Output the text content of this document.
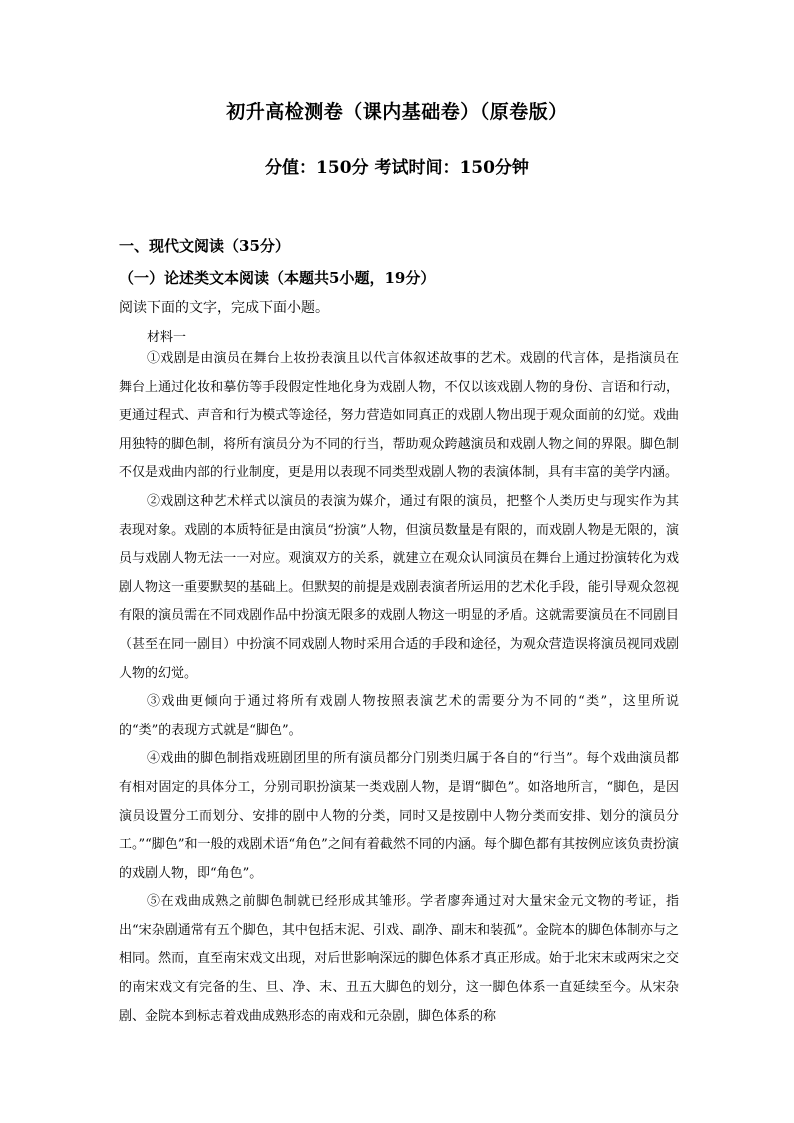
初升高检测卷（课内基础卷）（原卷版）
分值：150分 考试时间：150分钟
一、现代文阅读（35分）
（一）论述类文本阅读（本题共5小题，19分）
阅读下面的文字，完成下面小题。
材料一

①戏剧是由演员在舞台上妆扮表演且以代言体叙述故事的艺术。戏剧的代言体，是指演员在舞台上通过化妆和摹仿等手段假定性地化身为戏剧人物，不仅以该戏剧人物的身份、言语和行动，更通过程式、声音和行为模式等途径，努力营造如同真正的戏剧人物出现于观众面前的幻觉。戏曲用独特的脚色制，将所有演员分为不同的行当，帮助观众跨越演员和戏剧人物之间的界限。脚色制不仅是戏曲内部的行业制度，更是用以表现不同类型戏剧人物的表演体制，具有丰富的美学内涵。

②戏剧这种艺术样式以演员的表演为媒介，通过有限的演员，把整个人类历史与现实作为其表现对象。戏剧的本质特征是由演员“扮演”人物，但演员数量是有限的，而戏剧人物是无限的，演员与戏剧人物无法一一对应。观演双方的关系，就建立在观众认同演员在舞台上通过扮演转化为戏剧人物这一重要默契的基础上。但默契的前提是戏剧表演者所运用的艺术化手段，能引导观众忽视有限的演员需在不同戏剧作品中扮演无限多的戏剧人物这一明显的矛盾。这就需要演员在不同剧目（甚至在同一剧目）中扮演不同戏剧人物时采用合适的手段和途径，为观众营造误将演员视同戏剧人物的幻觉。

③戏曲更倾向于通过将所有戏剧人物按照表演艺术的需要分为不同的“类”，这里所说的“类”的表现方式就是“脚色”。

④戏曲的脚色制指戏班剧团里的所有演员都分门别类归属于各自的“行当”。每个戏曲演员都有相对固定的具体分工，分别司职扮演某一类戏剧人物，是谓“脚色”。如洛地所言，“脚色，是因演员设置分工而划分、安排的剧中人物的分类，同时又是按剧中人物分类而安排、划分的演员分工。”“脚色”和一般的戏剧术语“角色”之间有着截然不同的内涵。每个脚色都有其按例应该负责扮演的戏剧人物，即“角色”。

⑤在戏曲成熟之前脚色制就已经形成其雏形。学者廖奔通过对大量宋金元文物的考证，指出“宋杂剧通常有五个脚色，其中包括末泥、引戏、副净、副末和装孤”。金院本的脚色体制亦与之相同。然而，直至南宋戏文出现，对后世影响深远的脚色体系才真正形成。始于北宋末或两宋之交的南宋戏文有完备的生、旦、净、末、丑五大脚色的划分，这一脚色体系一直延续至今。从宋杂剧、金院本到标志着戏曲成熟形态的南戏和元杂剧，脚色体系的称
